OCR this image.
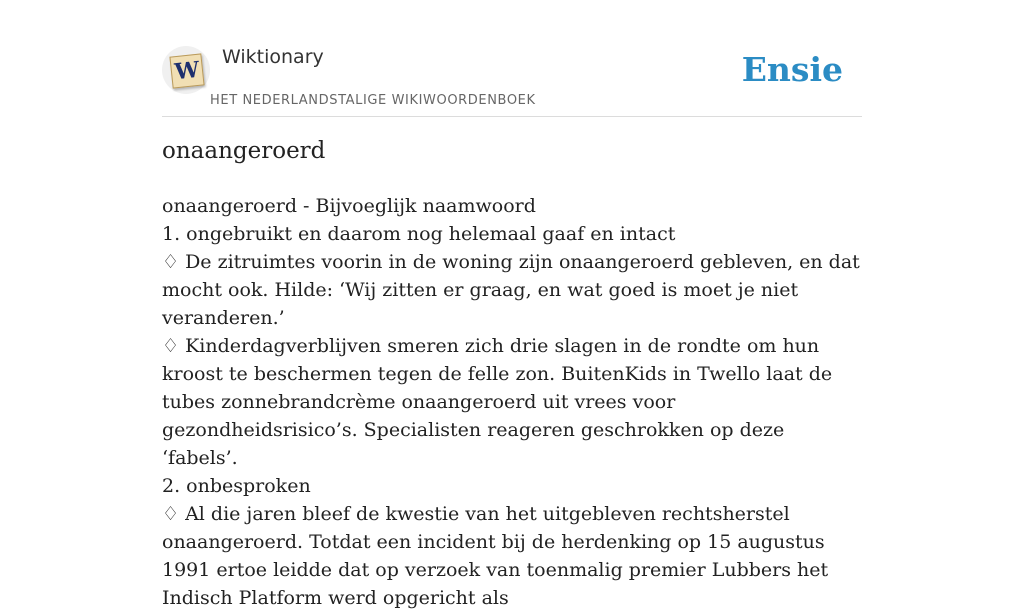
W Wiktionary
HET NEDERLANDSTALIGE WIKIWOORDENBOEK
Ensie
onaangeroerd
onaangeroerd - Bijvoeglijk naamwoord
1. ongebruikt en daarom nog helemaal gaaf en intact
♢ De zitruimtes voorin in de woning zijn onaangeroerd gebleven, en dat mocht ook. Hilde: ‘Wij zitten er graag, en wat goed is moet je niet veranderen.’
♢ Kinderdagverblijven smeren zich drie slagen in de rondte om hun kroost te beschermen tegen de felle zon. BuitenKids in Twello laat de tubes zonnebrandcrème onaangeroerd uit vrees voor gezondheidsrisico’s. Specialisten reageren geschrokken op deze ‘fabels’.
2. onbesproken
♢ Al die jaren bleef de kwestie van het uitgebleven rechtsherstel onaangeroerd. Totdat een incident bij de herdenking op 15 augustus 1991 ertoe leidde dat op verzoek van toenmalig premier Lubbers het Indisch Platform werd opgericht als
